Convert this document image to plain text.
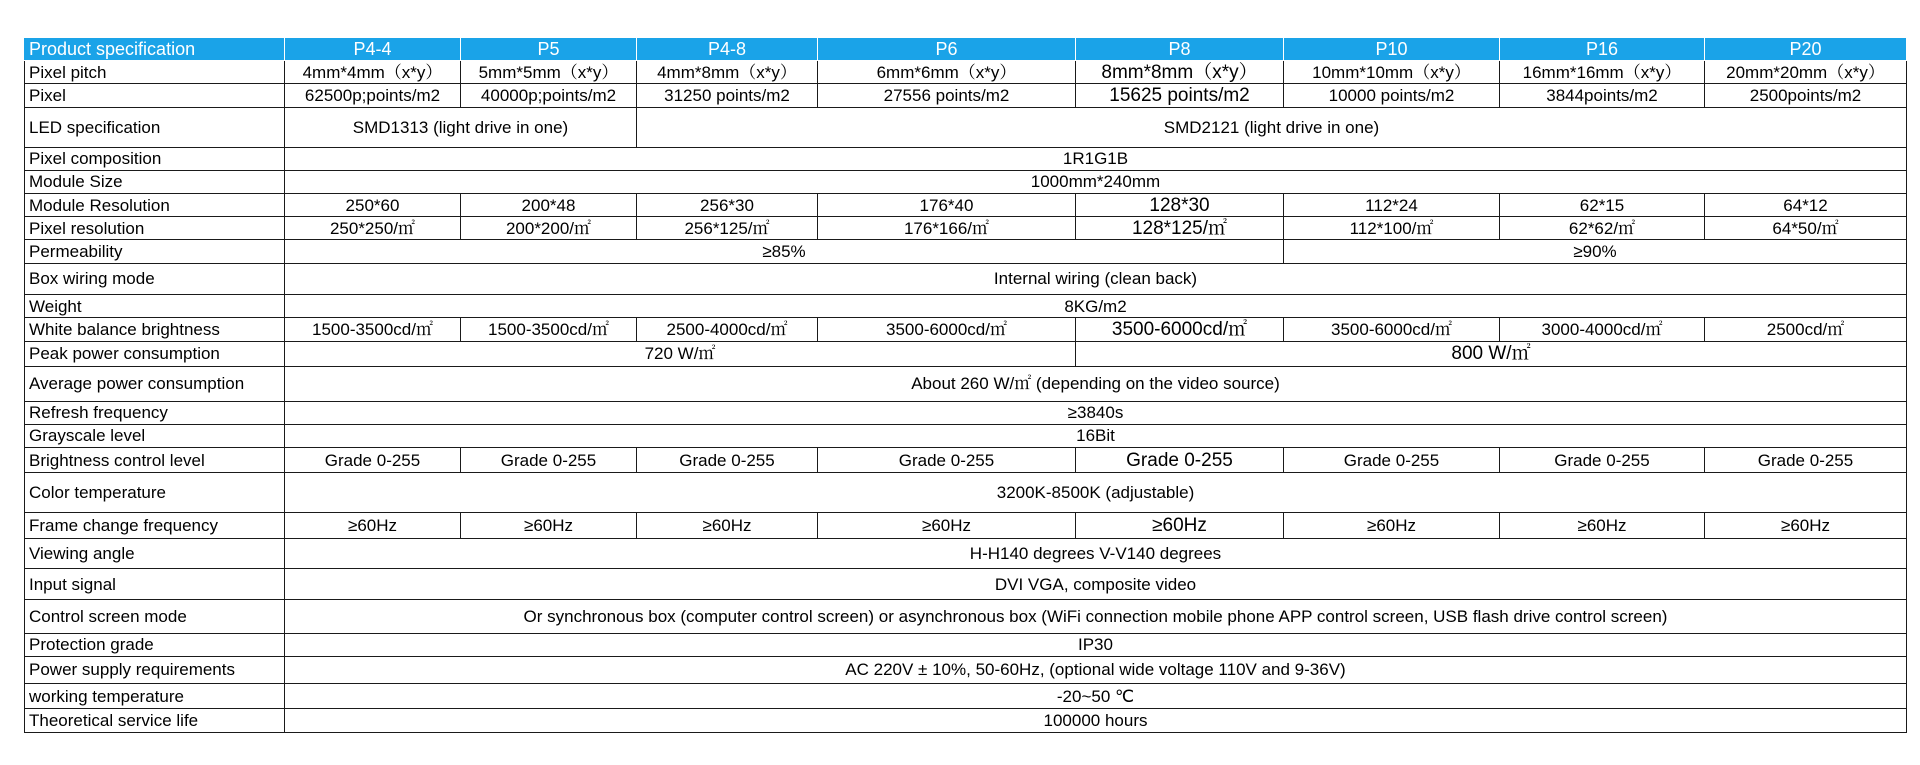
Product specification	P4-4	P5	P4-8	P6	P8	P10	P16	P20
Pixel pitch	4mm*4mm（x*y）	5mm*5mm（x*y）	4mm*8mm（x*y）	6mm*6mm（x*y）	8mm*8mm（x*y）	10mm*10mm（x*y）	16mm*16mm（x*y）	20mm*20mm（x*y）
Pixel	62500p;points/m2	40000p;points/m2	31250 points/m2	27556 points/m2	15625 points/m2	10000 points/m2	3844points/m2	2500points/m2
LED specification	SMD1313 (light drive in one)		SMD2121 (light drive in one)					
Pixel composition	1R1G1B							
Module Size	1000mm*240mm							
Module Resolution	250*60	200*48	256*30	176*40	128*30	112*24	62*15	64*12
Pixel resolution	250*250/㎡	200*200/㎡	256*125/㎡	176*166/㎡	128*125/㎡	112*100/㎡	62*62/㎡	64*50/㎡
Permeability	≥85%					≥90%		
Box wiring mode	Internal wiring (clean back)							
Weight	8KG/m2							
White balance brightness	1500-3500cd/㎡	1500-3500cd/㎡	2500-4000cd/㎡	3500-6000cd/㎡	3500-6000cd/㎡	3500-6000cd/㎡	3000-4000cd/㎡	2500cd/㎡
Peak power consumption	720 W/㎡				800 W/㎡			
Average power consumption	About 260 W/㎡ (depending on the video source)							
Refresh frequency	≥3840s							
Grayscale level	16Bit							
Brightness control level	Grade 0-255	Grade 0-255	Grade 0-255	Grade 0-255	Grade 0-255	Grade 0-255	Grade 0-255	Grade 0-255
Color temperature	3200K-8500K (adjustable)							
Frame change frequency	≥60Hz	≥60Hz	≥60Hz	≥60Hz	≥60Hz	≥60Hz	≥60Hz	≥60Hz
Viewing angle	H-H140 degrees V-V140 degrees							
Input signal	DVI VGA, composite video							
Control screen mode	Or synchronous box (computer control screen) or asynchronous box (WiFi connection mobile phone APP control screen, USB flash drive control screen)							
Protection grade	IP30							
Power supply requirements	AC 220V ± 10%, 50-60Hz, (optional wide voltage 110V and 9-36V)							
working temperature	-20~50 ℃							
Theoretical service life	100000 hours							
